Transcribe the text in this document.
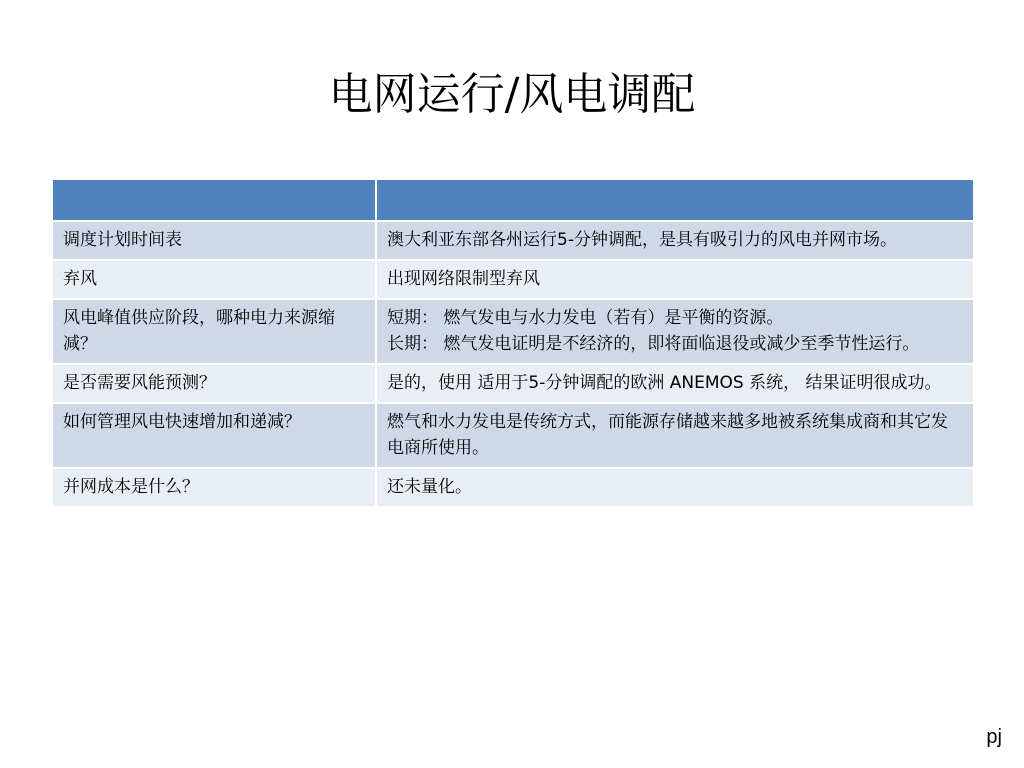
电网运行/风电调配

调度计划时间表	澳大利亚东部各州运行5-分钟调配，是具有吸引力的风电并网市场。

弃风	出现网络限制型弃风

风电峰值供应阶段，哪种电力来源缩减？	短期： 燃气发电与水力发电（若有）是平衡的资源。
长期： 燃气发电证明是不经济的，即将面临退役或减少至季节性运行。

是否需要风能预测？	是的，使用 适用于5-分钟调配的欧洲 ANEMOS 系统， 结果证明很成功。

如何管理风电快速增加和递减？	燃气和水力发电是传统方式，而能源存储越来越多地被系统集成商和其它发电商所使用。

并网成本是什么？	还未量化。
pj
